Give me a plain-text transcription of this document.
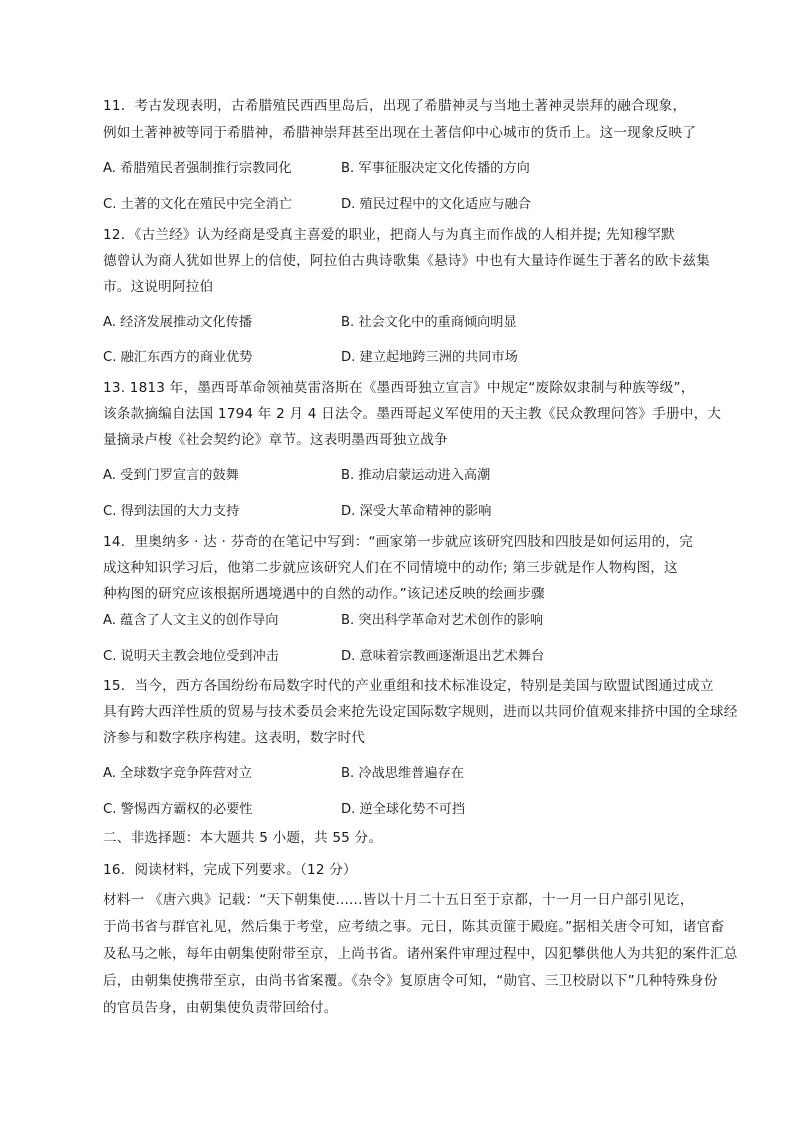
11．考古发现表明，古希腊殖民西西里岛后，出现了希腊神灵与当地土著神灵崇拜的融合现象，
例如土著神被等同于希腊神，希腊神崇拜甚至出现在土著信仰中心城市的货币上。这一现象反映了
A. 希腊殖民者强制推行宗教同化	B. 军事征服决定文化传播的方向
C. 土著的文化在殖民中完全消亡	D. 殖民过程中的文化适应与融合
12．《古兰经》认为经商是受真主喜爱的职业，把商人与为真主而作战的人相并提; 先知穆罕默
德曾认为商人犹如世界上的信使，阿拉伯古典诗歌集《悬诗》中也有大量诗作诞生于著名的欧卡兹集
市。这说明阿拉伯
A. 经济发展推动文化传播	B. 社会文化中的重商倾向明显
C. 融汇东西方的商业优势	D. 建立起地跨三洲的共同市场
13. 1813 年，墨西哥革命领袖莫雷洛斯在《墨西哥独立宣言》中规定“废除奴隶制与种族等级”，
该条款摘编自法国 1794 年 2 月 4 日法令。墨西哥起义军使用的天主教《民众教理问答》手册中，大
量摘录卢梭《社会契约论》章节。这表明墨西哥独立战争
A. 受到门罗宣言的鼓舞	B. 推动启蒙运动进入高潮
C. 得到法国的大力支持	D. 深受大革命精神的影响
14．里奥纳多 · 达 · 芬奇的在笔记中写到：“画家第一步就应该研究四肢和四肢是如何运用的，完
成这种知识学习后，他第二步就应该研究人们在不同情境中的动作; 第三步就是作人物构图，这
种构图的研究应该根据所遇境遇中的自然的动作。”该记述反映的绘画步骤
A. 蕴含了人文主义的创作导向	B. 突出科学革命对艺术创作的影响
C. 说明天主教会地位受到冲击	D. 意味着宗教画逐渐退出艺术舞台
15．当今，西方各国纷纷布局数字时代的产业重组和技术标准设定，特别是美国与欧盟试图通过成立
具有跨大西洋性质的贸易与技术委员会来抢先设定国际数字规则，进而以共同价值观来排挤中国的全球经
济参与和数字秩序构建。这表明，数字时代
A. 全球数字竞争阵营对立	B. 冷战思维普遍存在
C. 警惕西方霸权的必要性	D. 逆全球化势不可挡
二、非选择题：本大题共 5 小题，共 55 分。
16．阅读材料，完成下列要求。（12 分）
材料一 《唐六典》记载：“天下朝集使......皆以十月二十五日至于京都，十一月一日户部引见讫，
于尚书省与群官礼见，然后集于考堂，应考绩之事。元日，陈其贡篚于殿庭。”据相关唐令可知，诸官畜
及私马之帐，每年由朝集使附带至京，上尚书省。诸州案件审理过程中，囚犯攀供他人为共犯的案件汇总
后，由朝集使携带至京，由尚书省案覆。《杂令》复原唐令可知，“勋官、三卫校尉以下”几种特殊身份
的官员告身，由朝集使负责带回给付。
